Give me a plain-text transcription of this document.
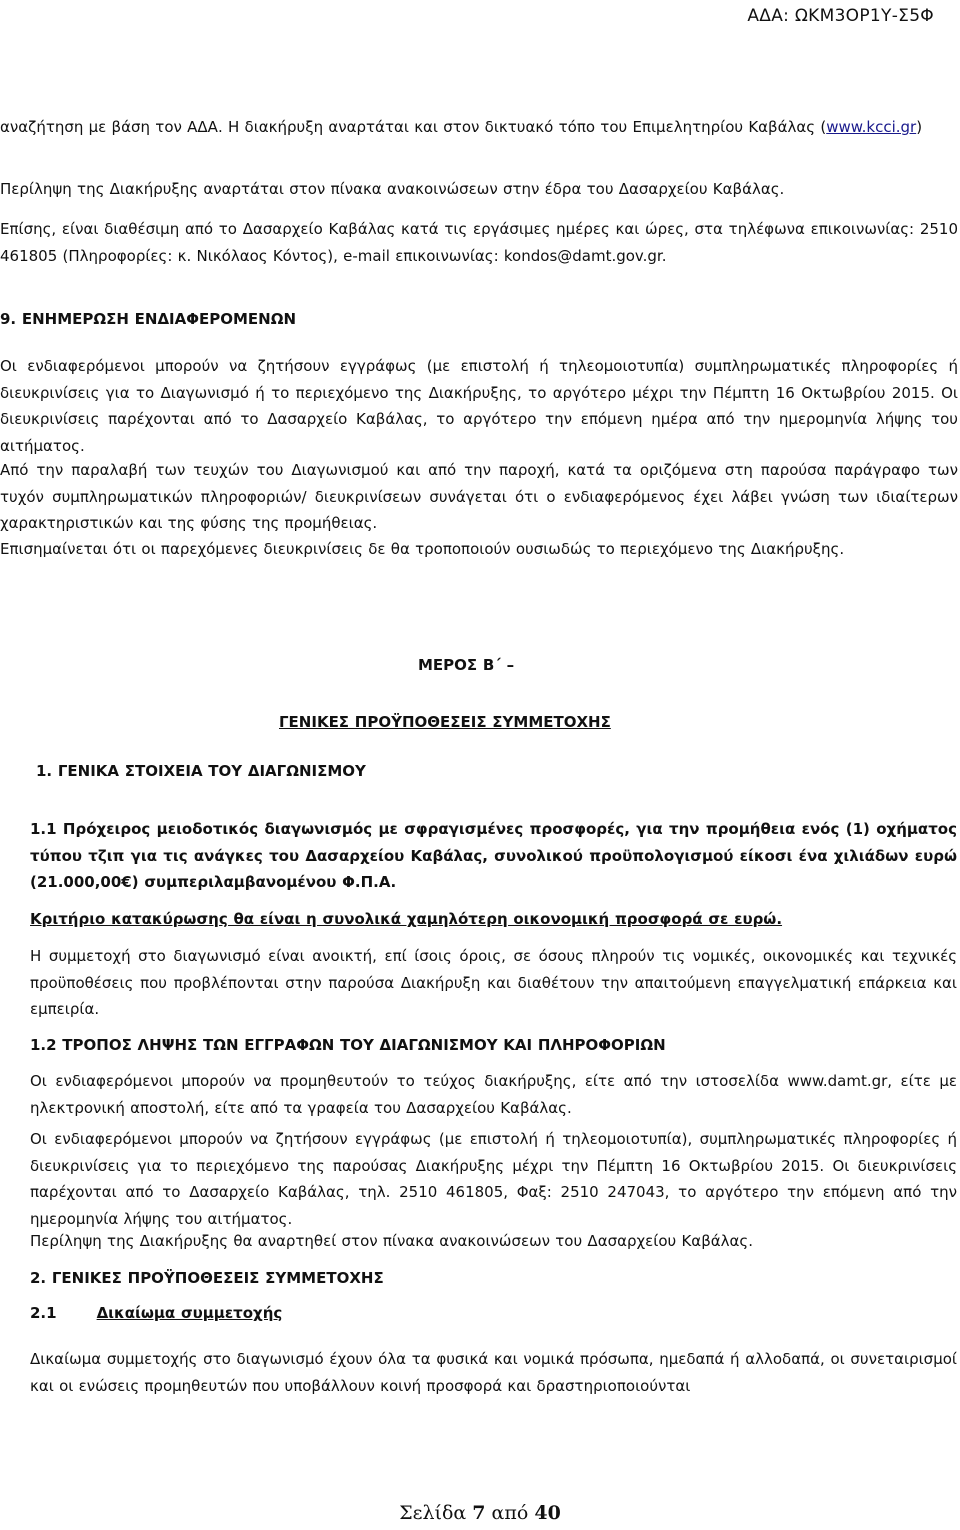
ΑΔΑ: ΩΚΜ3ΟΡ1Υ-Σ5Φ
αναζήτηση με βάση τον ΑΔΑ. Η διακήρυξη αναρτάται και στον δικτυακό τόπο του Επιμελητηρίου Καβάλας (www.kcci.gr)
Περίληψη της Διακήρυξης αναρτάται στον πίνακα ανακοινώσεων στην έδρα του Δασαρχείου Καβάλας.
Επίσης, είναι διαθέσιμη από το Δασαρχείο Καβάλας κατά τις εργάσιμες ημέρες και ώρες, στα τηλέφωνα επικοινωνίας: 2510 461805 (Πληροφορίες: κ. Νικόλαος Κόντος), e-mail επικοινωνίας: kondos@damt.gov.gr.
9. ΕΝΗΜΕΡΩΣΗ ΕΝΔΙΑΦΕΡΟΜΕΝΩΝ
Οι ενδιαφερόμενοι μπορούν να ζητήσουν εγγράφως (με επιστολή ή τηλεομοιοτυπία) συμπληρωματικές πληροφορίες ή διευκρινίσεις για το Διαγωνισμό ή το περιεχόμενο της Διακήρυξης, το αργότερο μέχρι την Πέμπτη 16 Οκτωβρίου 2015. Οι διευκρινίσεις παρέχονται από το Δασαρχείο Καβάλας, το αργότερο την επόμενη ημέρα από την ημερομηνία λήψης του αιτήματος.
Από την παραλαβή των τευχών του Διαγωνισμού και από την παροχή, κατά τα οριζόμενα στη παρούσα παράγραφο των τυχόν συμπληρωματικών πληροφοριών/ διευκρινίσεων συνάγεται ότι ο ενδιαφερόμενος έχει λάβει γνώση των ιδιαίτερων χαρακτηριστικών και της φύσης της προμήθειας.
Επισημαίνεται ότι οι παρεχόμενες διευκρινίσεις δε θα τροποποιούν ουσιωδώς το περιεχόμενο της Διακήρυξης.
ΜΕΡΟΣ Β΄ –
ΓΕΝΙΚΕΣ ΠΡΟΫΠΟΘΕΣΕΙΣ ΣΥΜΜΕΤΟΧΗΣ
1. ΓΕΝΙΚΑ ΣΤΟΙΧΕΙΑ ΤΟΥ ΔΙΑΓΩΝΙΣΜΟΥ
1.1 Πρόχειρος μειοδοτικός διαγωνισμός με σφραγισμένες προσφορές, για την προμήθεια ενός (1) οχήματος τύπου τζιπ για τις ανάγκες του Δασαρχείου Καβάλας, συνολικού προϋπολογισμού είκοσι ένα χιλιάδων ευρώ (21.000,00€) συμπεριλαμβανομένου Φ.Π.Α.
Κριτήριο κατακύρωσης θα είναι η συνολικά χαμηλότερη οικονομική προσφορά σε ευρώ.
Η συμμετοχή στο διαγωνισμό είναι ανοικτή, επί ίσοις όροις, σε όσους πληρούν τις νομικές, οικονομικές και τεχνικές προϋποθέσεις που προβλέπονται στην παρούσα Διακήρυξη και διαθέτουν την απαιτούμενη επαγγελματική επάρκεια και εμπειρία.
1.2 ΤΡΟΠΟΣ ΛΗΨΗΣ ΤΩΝ ΕΓΓΡΑΦΩΝ ΤΟΥ ΔΙΑΓΩΝΙΣΜΟΥ ΚΑΙ ΠΛΗΡΟΦΟΡΙΩΝ
Οι ενδιαφερόμενοι μπορούν να προμηθευτούν το τεύχος διακήρυξης, είτε από την ιστοσελίδα www.damt.gr, είτε με ηλεκτρονική αποστολή, είτε από τα γραφεία του Δασαρχείου Καβάλας.
Οι ενδιαφερόμενοι μπορούν να ζητήσουν εγγράφως (με επιστολή ή τηλεομοιοτυπία), συμπληρωματικές πληροφορίες ή διευκρινίσεις για το περιεχόμενο της παρούσας Διακήρυξης μέχρι την Πέμπτη 16 Οκτωβρίου 2015. Οι διευκρινίσεις παρέχονται από το Δασαρχείο Καβάλας, τηλ. 2510 461805, Φαξ: 2510 247043, το αργότερο την επόμενη από την ημερομηνία λήψης του αιτήματος.
Περίληψη της Διακήρυξης θα αναρτηθεί στον πίνακα ανακοινώσεων του Δασαρχείου Καβάλας.
2. ΓΕΝΙΚΕΣ ΠΡΟΫΠΟΘΕΣΕΙΣ ΣΥΜΜΕΤΟΧΗΣ
2.1	Δικαίωμα συμμετοχής
Δικαίωμα συμμετοχής στο διαγωνισμό έχουν όλα τα φυσικά και νομικά πρόσωπα, ημεδαπά ή αλλοδαπά, οι συνεταιρισμοί και οι ενώσεις προμηθευτών που υποβάλλουν κοινή προσφορά και δραστηριοποιούνται
Σελίδα 7 από 40
